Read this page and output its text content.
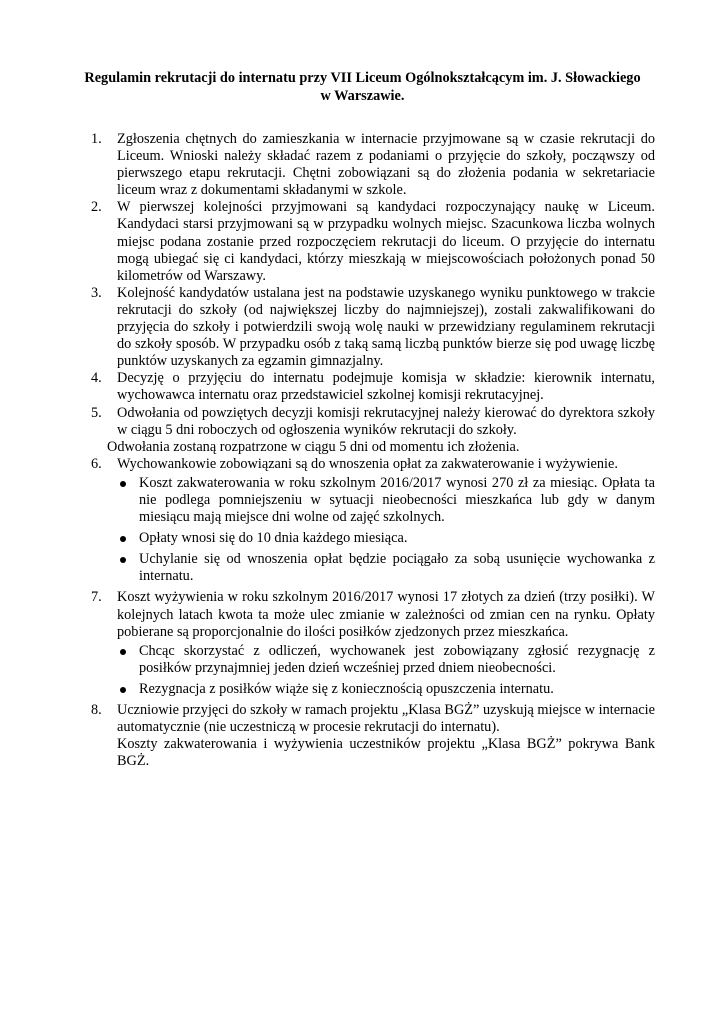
Regulamin rekrutacji do internatu przy VII Liceum Ogólnokształcącym im. J. Słowackiego
w Warszawie.
1. Zgłoszenia chętnych do zamieszkania w internacie przyjmowane są w czasie rekrutacji do Liceum. Wnioski należy składać razem z podaniami o przyjęcie do szkoły, począwszy od pierwszego etapu rekrutacji. Chętni zobowiązani są do złożenia podania w sekretariacie liceum wraz z dokumentami składanymi w szkole.
2. W pierwszej kolejności przyjmowani są kandydaci rozpoczynający naukę w Liceum. Kandydaci starsi przyjmowani są w przypadku wolnych miejsc. Szacunkowa liczba wolnych miejsc podana zostanie przed rozpoczęciem rekrutacji do liceum. O przyjęcie do internatu mogą ubiegać się ci kandydaci, którzy mieszkają w miejscowościach położonych ponad 50 kilometrów od Warszawy.
3. Kolejność kandydatów ustalana jest na podstawie uzyskanego wyniku punktowego w trakcie rekrutacji do szkoły (od największej liczby do najmniejszej), zostali zakwalifikowani do przyjęcia do szkoły i potwierdzili swoją wolę nauki w przewidziany regulaminem rekrutacji do szkoły sposób. W przypadku osób z taką samą liczbą punktów bierze się pod uwagę liczbę punktów uzyskanych za egzamin gimnazjalny.
4. Decyzję o przyjęciu do internatu podejmuje komisja w składzie: kierownik internatu, wychowawca internatu oraz przedstawiciel szkolnej komisji rekrutacyjnej.
5. Odwołania od powziętych decyzji komisji rekrutacyjnej należy kierować do dyrektora szkoły w ciągu 5 dni roboczych od ogłoszenia wyników rekrutacji do szkoły.
Odwołania zostaną rozpatrzone w ciągu 5 dni od momentu ich złożenia.
6. Wychowankowie zobowiązani są do wnoszenia opłat za zakwaterowanie i wyżywienie.
Koszt zakwaterowania w roku szkolnym 2016/2017 wynosi 270 zł za miesiąc. Opłata ta nie podlega pomniejszeniu w sytuacji nieobecności mieszkańca lub gdy w danym miesiącu mają miejsce dni wolne od zajęć szkolnych.
Opłaty wnosi się do 10 dnia każdego miesiąca.
Uchylanie się od wnoszenia opłat będzie pociągało za sobą usunięcie wychowanka z internatu.
7. Koszt wyżywienia w roku szkolnym 2016/2017 wynosi 17 złotych za dzień (trzy posiłki). W kolejnych latach kwota ta może ulec zmianie w zależności od zmian cen na rynku. Opłaty pobierane są proporcjonalnie do ilości posiłków zjedzonych przez mieszkańca.
Chcąc skorzystać z odliczeń, wychowanek jest zobowiązany zgłosić rezygnację z posiłków przynajmniej jeden dzień wcześniej przed dniem nieobecności.
Rezygnacja z posiłków wiąże się z koniecznością opuszczenia internatu.
8. Uczniowie przyjęci do szkoły w ramach projektu „Klasa BGŻ” uzyskują miejsce w internacie automatycznie (nie uczestniczą w procesie rekrutacji do internatu).
Koszty zakwaterowania i wyżywienia uczestników projektu „Klasa BGŻ” pokrywa Bank BGŻ.
